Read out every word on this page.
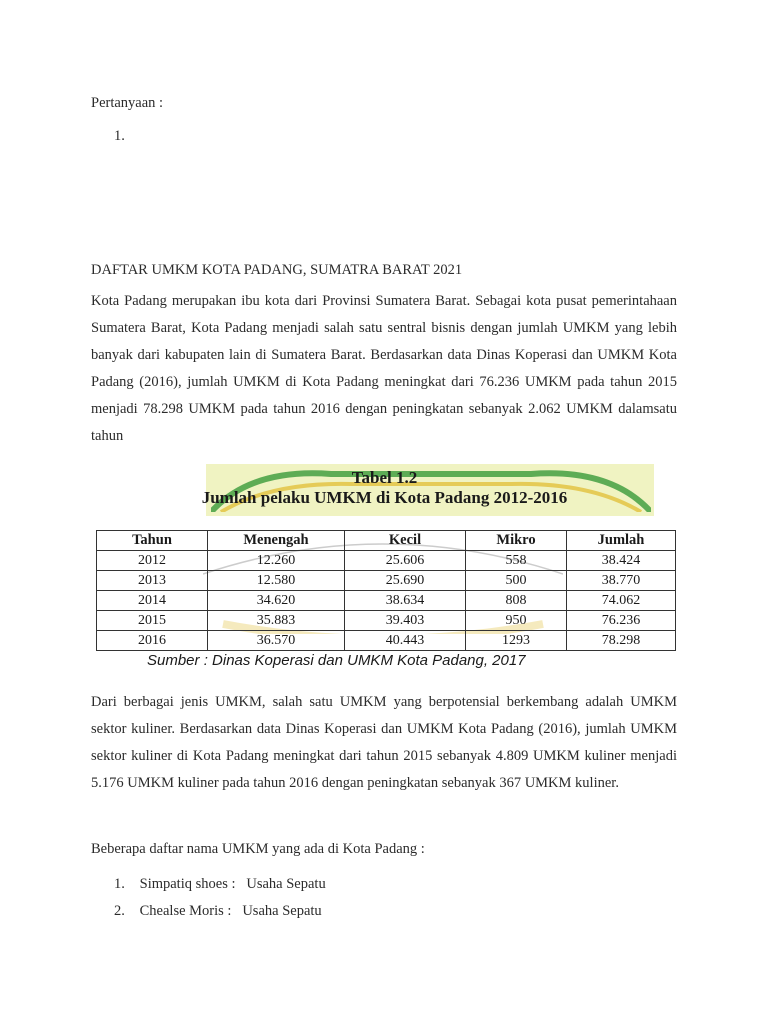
Pertanyaan :

1.

DAFTAR UMKM KOTA PADANG, SUMATRA BARAT 2021

Kota Padang merupakan ibu kota dari Provinsi Sumatera Barat. Sebagai kota pusat pemerintahaan Sumatera Barat, Kota Padang menjadi salah satu sentral bisnis dengan jumlah UMKM yang lebih banyak dari kabupaten lain di Sumatera Barat. Berdasarkan data Dinas Koperasi dan UMKM Kota Padang (2016), jumlah UMKM di Kota Padang meningkat dari 76.236 UMKM pada tahun 2015 menjadi 78.298 UMKM pada tahun 2016 dengan peningkatan sebanyak 2.062 UMKM dalamsatu tahun

Tabel 1.2
Jumlah pelaku UMKM di Kota Padang 2012-2016
Tahun	Menengah	Kecil	Mikro	Jumlah
2012	12.260	25.606	558	38.424
2013	12.580	25.690	500	38.770
2014	34.620	38.634	808	74.062
2015	35.883	39.403	950	76.236
2016	36.570	40.443	1293	78.298
Sumber : Dinas Koperasi dan UMKM Kota Padang, 2017

Dari berbagai jenis UMKM, salah satu UMKM yang berpotensial berkembang adalah UMKM sektor kuliner. Berdasarkan data Dinas Koperasi dan UMKM Kota Padang (2016), jumlah UMKM sektor kuliner di Kota Padang meningkat dari tahun 2015 sebanyak 4.809 UMKM kuliner menjadi 5.176 UMKM kuliner pada tahun 2016 dengan peningkatan sebanyak 367 UMKM kuliner.

Beberapa daftar nama UMKM yang ada di Kota Padang :

1. Simpatiq shoes :   Usaha Sepatu
2. Chealse Moris :   Usaha Sepatu
